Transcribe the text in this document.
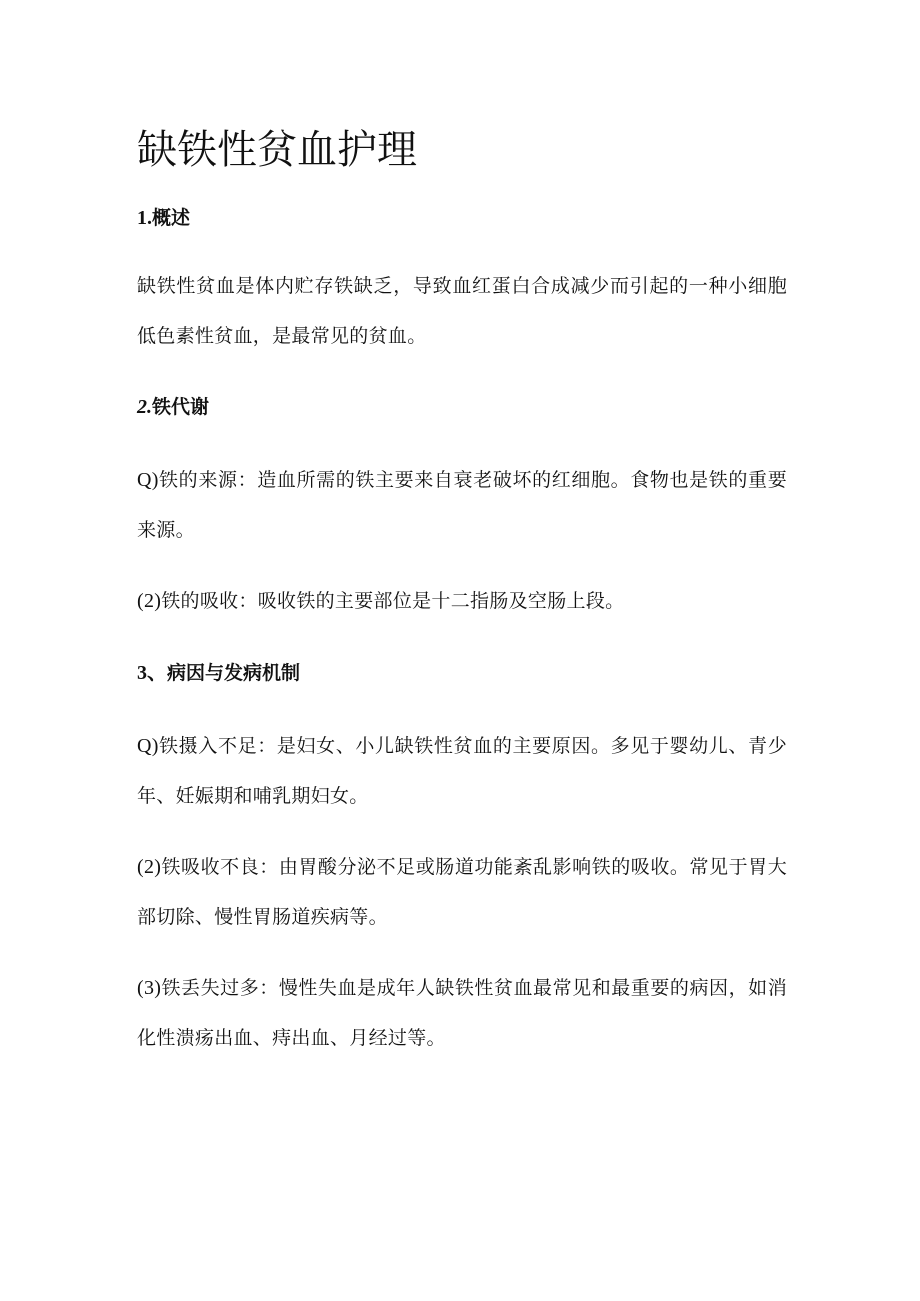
缺铁性贫血护理
1.概述

缺铁性贫血是体内贮存铁缺乏，导致血红蛋白合成减少而引起的一种小细胞低色素性贫血，是最常见的贫血。

2.铁代谢

Q)铁的来源：造血所需的铁主要来自衰老破坏的红细胞。食物也是铁的重要来源。

(2)铁的吸收：吸收铁的主要部位是十二指肠及空肠上段。

3、病因与发病机制

Q)铁摄入不足：是妇女、小儿缺铁性贫血的主要原因。多见于婴幼儿、青少年、妊娠期和哺乳期妇女。

(2)铁吸收不良：由胃酸分泌不足或肠道功能紊乱影响铁的吸收。常见于胃大部切除、慢性胃肠道疾病等。

(3)铁丢失过多：慢性失血是成年人缺铁性贫血最常见和最重要的病因，如消化性溃疡出血、痔出血、月经过等。
